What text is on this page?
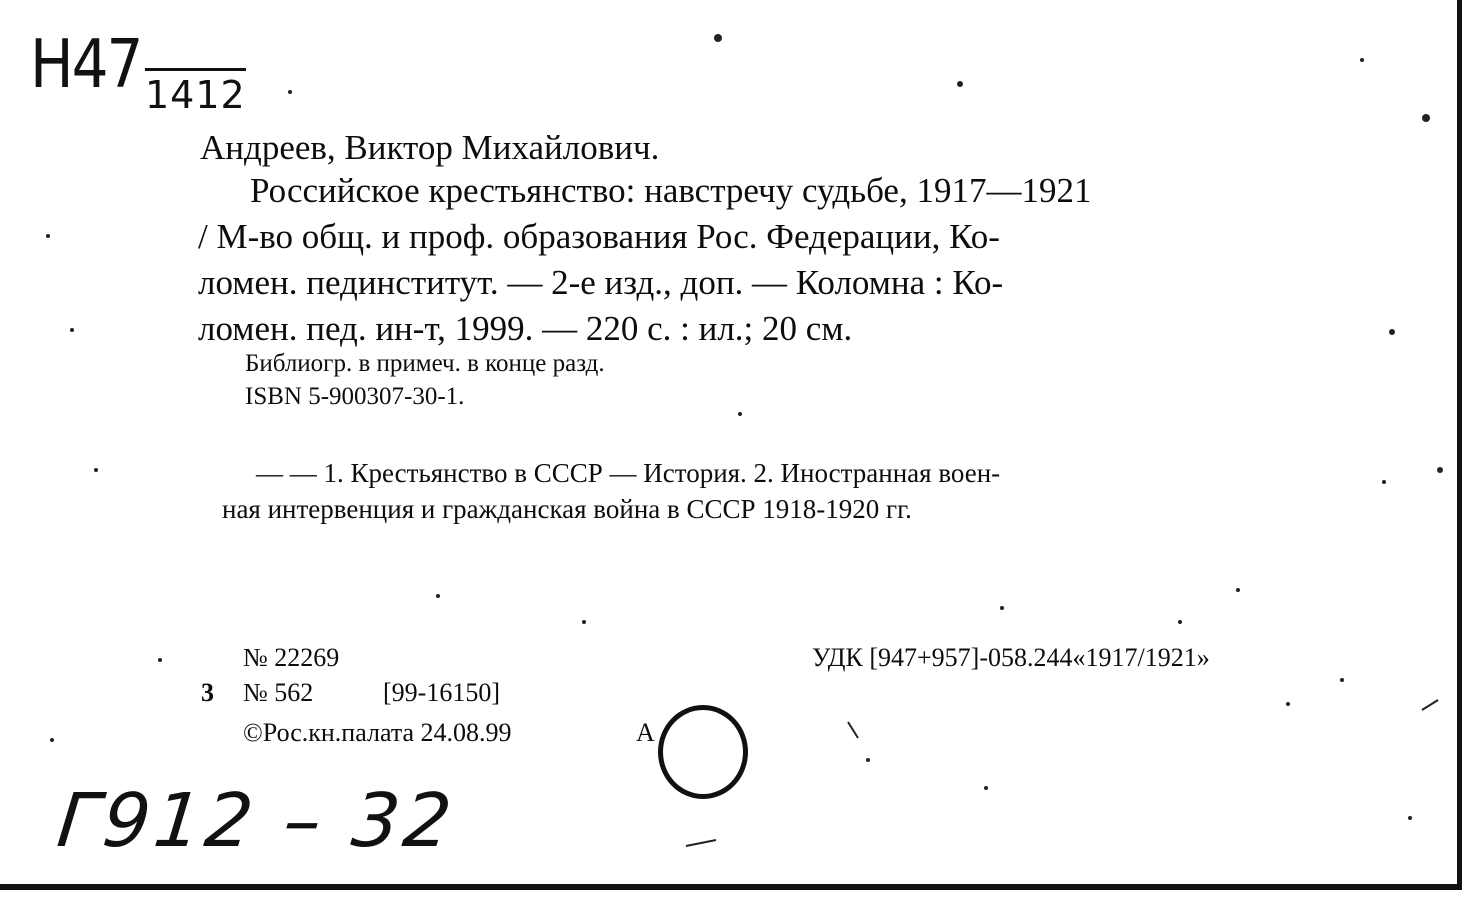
Н47 1412
Андреев, Виктор Михайлович.
Российское крестьянство: навстречу судьбе, 1917—1921
/ М-во общ. и проф. образования Рос. Федерации, Ко-
ломен. пединститут. — 2-е изд., доп. — Коломна : Ко-
ломен. пед. ин-т, 1999. — 220 с. : ил.; 20 см.
Библиогр. в примеч. в конце разд.
ISBN 5-900307-30-1.
— — 1. Крестьянство в СССР — История. 2. Иностранная воен-
ная интервенция и гражданская война в СССР 1918-1920 гг.
№ 22269	УДК [947+957]-058.244«1917/1921»
3 № 562	[99-16150]
©Рос.кн.палата 24.08.99	А
Г912 – 32
